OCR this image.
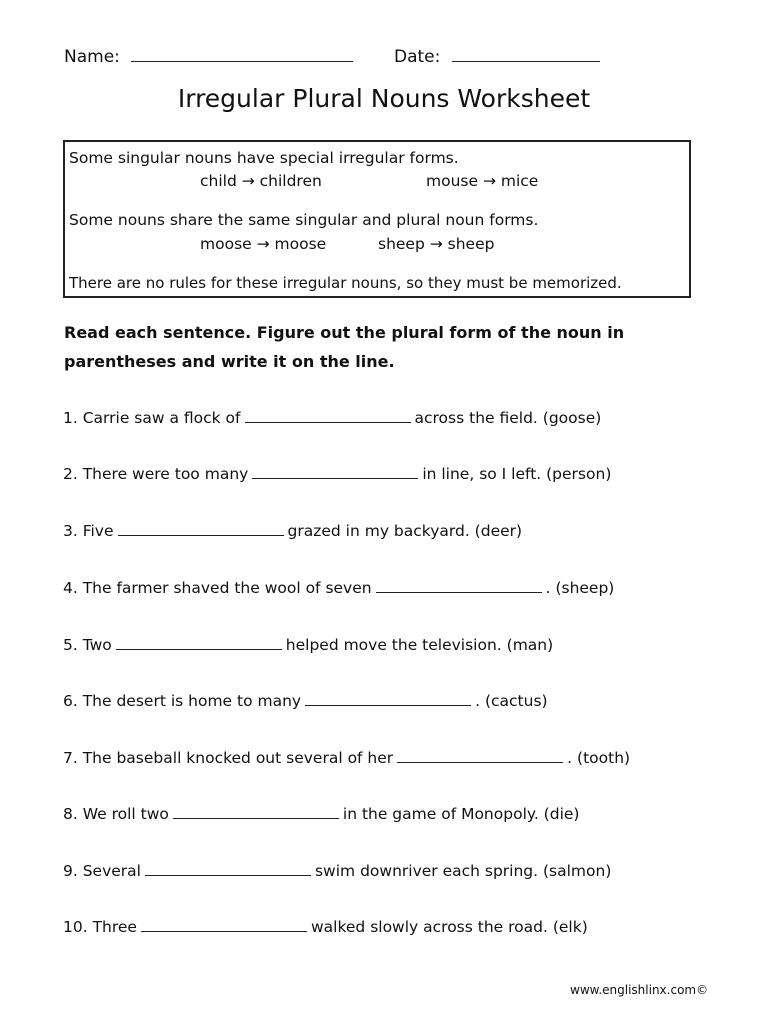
Name:	Date:
Irregular Plural Nouns Worksheet
Some singular nouns have special irregular forms.
child → children	mouse → mice
Some nouns share the same singular and plural noun forms.
moose → moose	sheep → sheep
There are no rules for these irregular nouns, so they must be memorized.
Read each sentence. Figure out the plural form of the noun in
parentheses and write it on the line.
1. Carrie saw a flock of	across the field. (goose)
2. There were too many	in line, so I left. (person)
3. Five	grazed in my backyard. (deer)
4. The farmer shaved the wool of seven	. (sheep)
5. Two	helped move the television. (man)
6. The desert is home to many	. (cactus)
7. The baseball knocked out several of her	. (tooth)
8. We roll two	in the game of Monopoly. (die)
9. Several	swim downriver each spring. (salmon)
10. Three	walked slowly across the road. (elk)
www.englishlinx.com©
